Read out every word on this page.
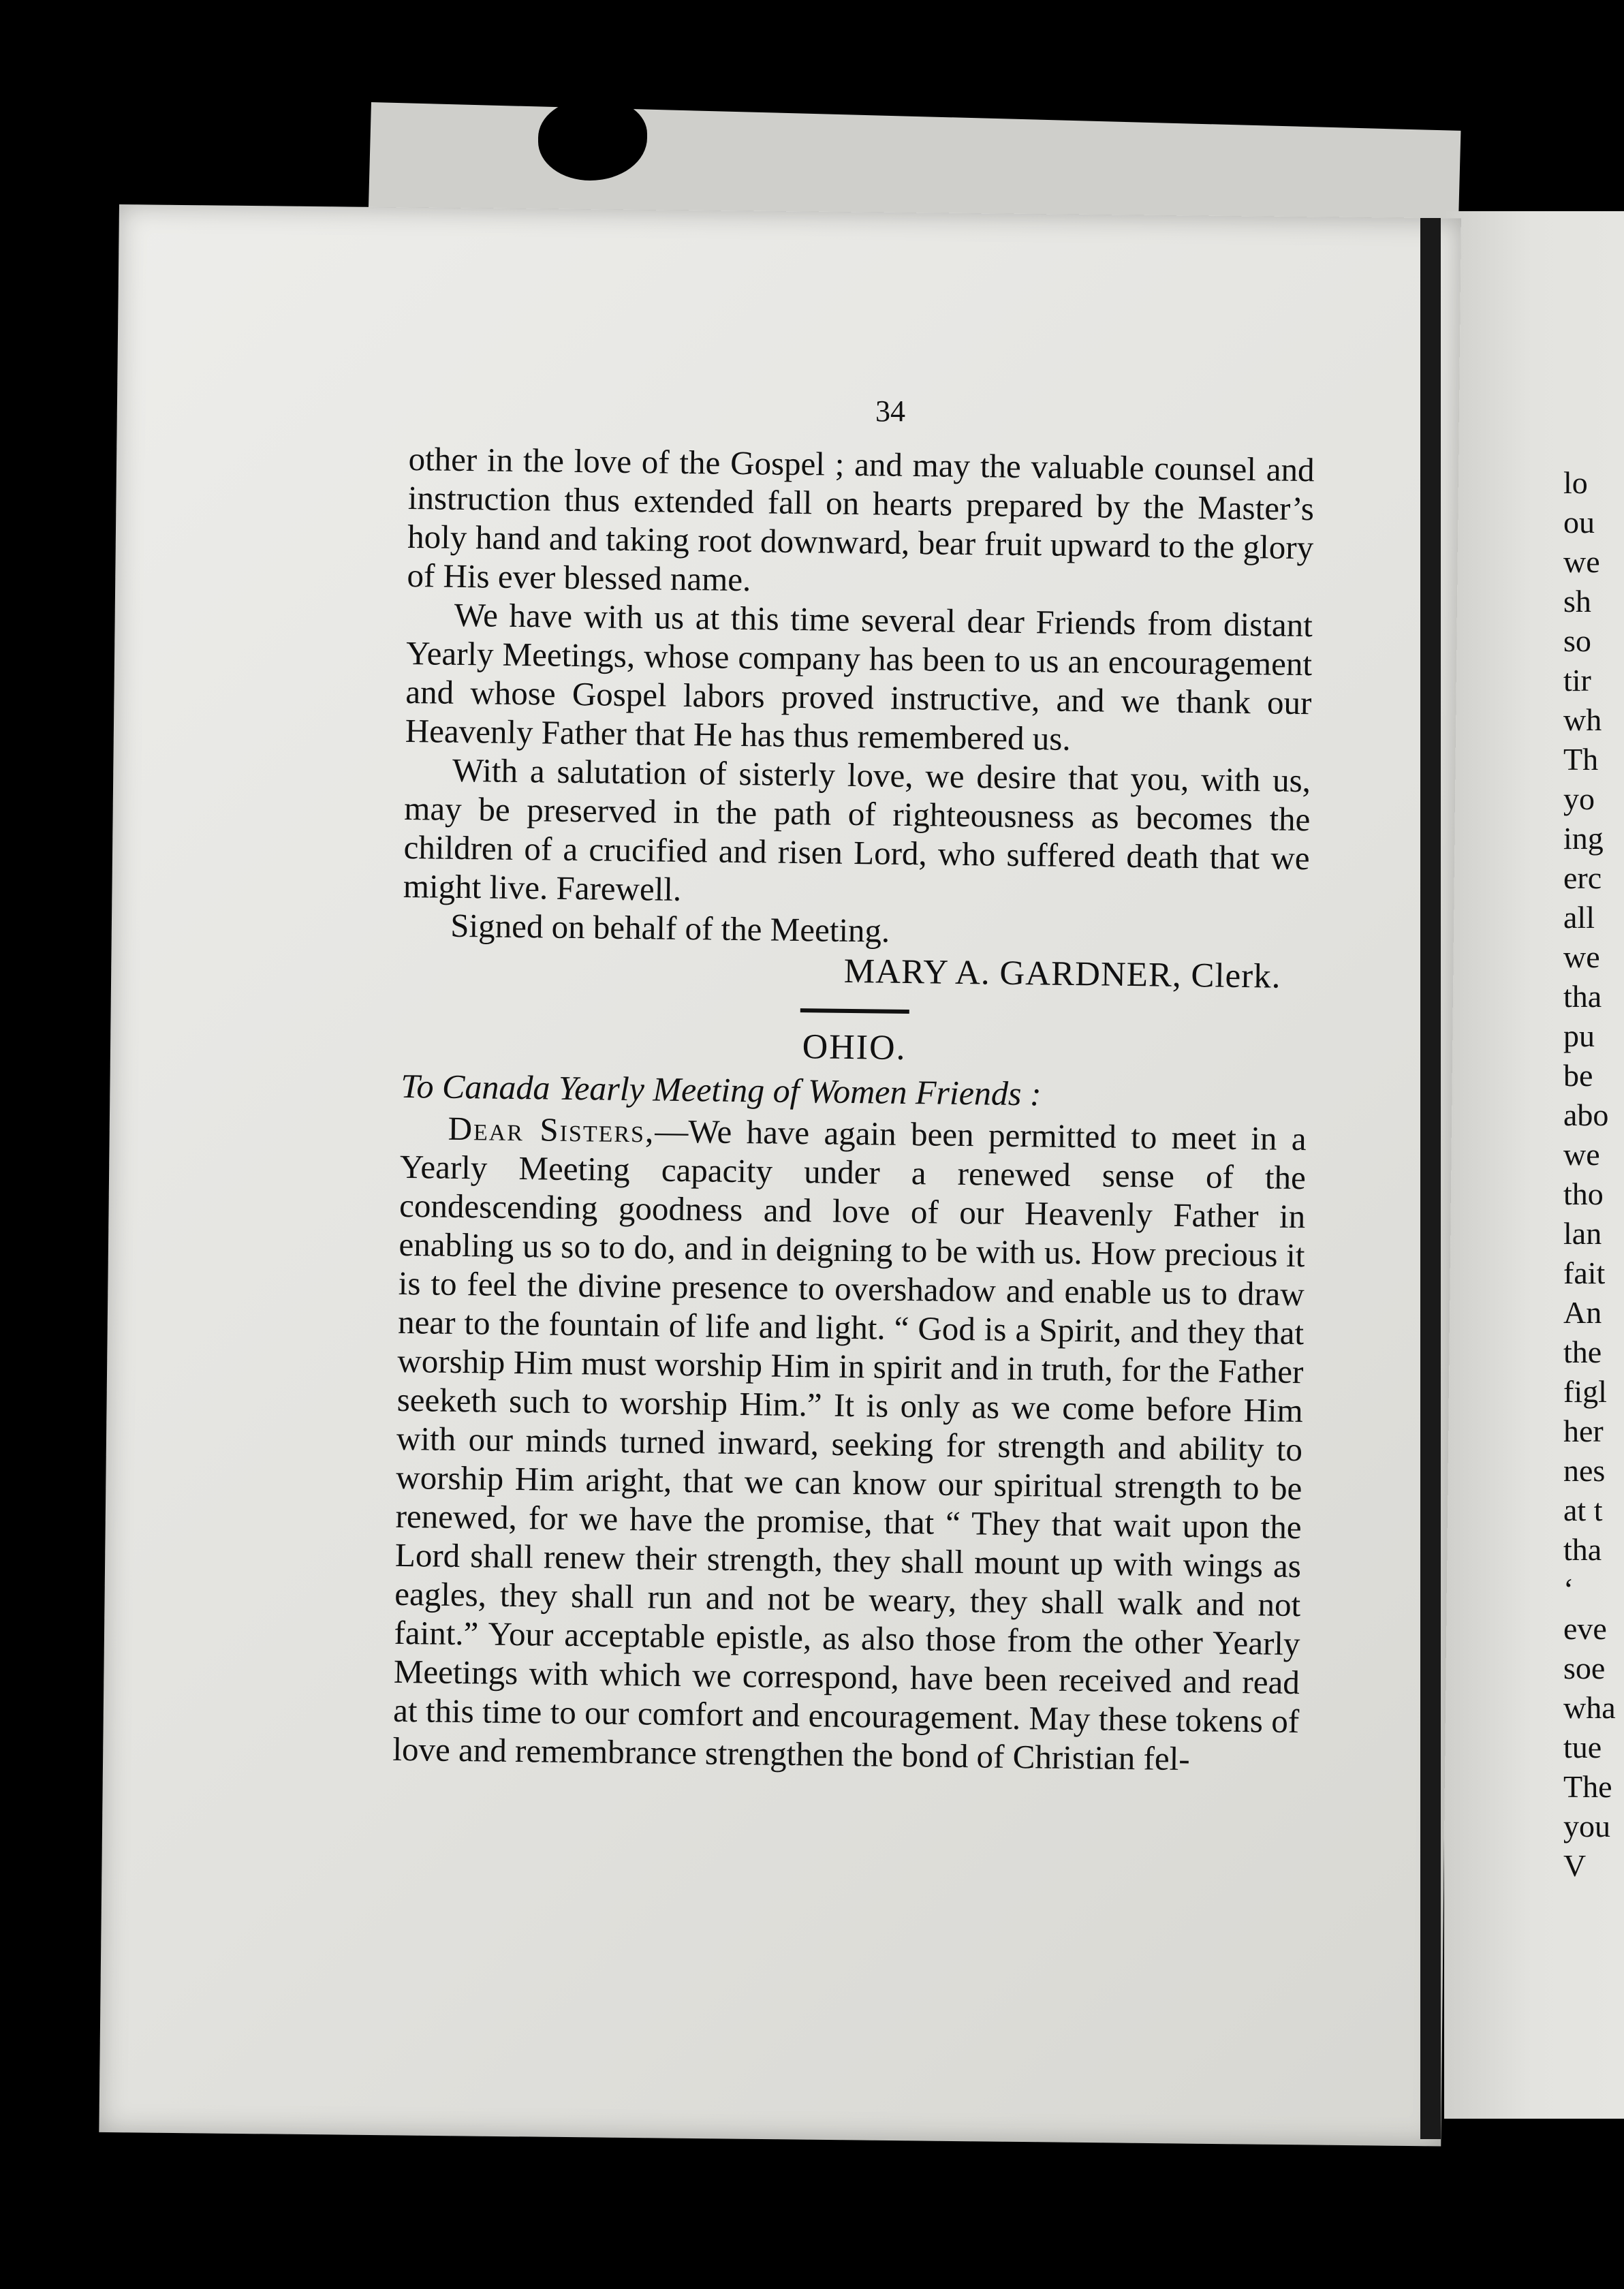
lo
ou
we
sh
so
tir
wh
Th
yo
ing
erc
all
we
tha
pu
be
abo
we
tho
lan
fait
An
the
figl
her
nes
at t
tha
‘
eve
soe
wha
tue
The
you
V
34

other in the love of the Gospel ; and may the valuable counsel and instruction thus extended fall on hearts prepared by the Master’s holy hand and taking root downward, bear fruit upward to the glory of His ever blessed name.

We have with us at this time several dear Friends from distant Yearly Meetings, whose company has been to us an encouragement and whose Gospel labors proved instructive, and we thank our Heavenly Father that He has thus remembered us.

With a salutation of sisterly love, we desire that you, with us, may be preserved in the path of righteousness as becomes the children of a crucified and risen Lord, who suffered death that we might live. Farewell.

Signed on behalf of the Meeting.

MARY A. GARDNER, Clerk.

OHIO.

To Canada Yearly Meeting of Women Friends :

Dear Sisters,—We have again been permitted to meet in a Yearly Meeting capacity under a renewed sense of the condescending goodness and love of our Heavenly Father in enabling us so to do, and in deigning to be with us. How precious it is to feel the divine presence to overshadow and enable us to draw near to the fountain of life and light. “ God is a Spirit, and they that worship Him must worship Him in spirit and in truth, for the Father seeketh such to worship Him.” It is only as we come before Him with our minds turned inward, seeking for strength and ability to worship Him aright, that we can know our spiritual strength to be renewed, for we have the promise, that “ They that wait upon the Lord shall renew their strength, they shall mount up with wings as eagles, they shall run and not be weary, they shall walk and not faint.” Your acceptable epistle, as also those from the other Yearly Meetings with which we correspond, have been received and read at this time to our comfort and encouragement. May these tokens of love and remembrance strengthen the bond of Christian fel-
